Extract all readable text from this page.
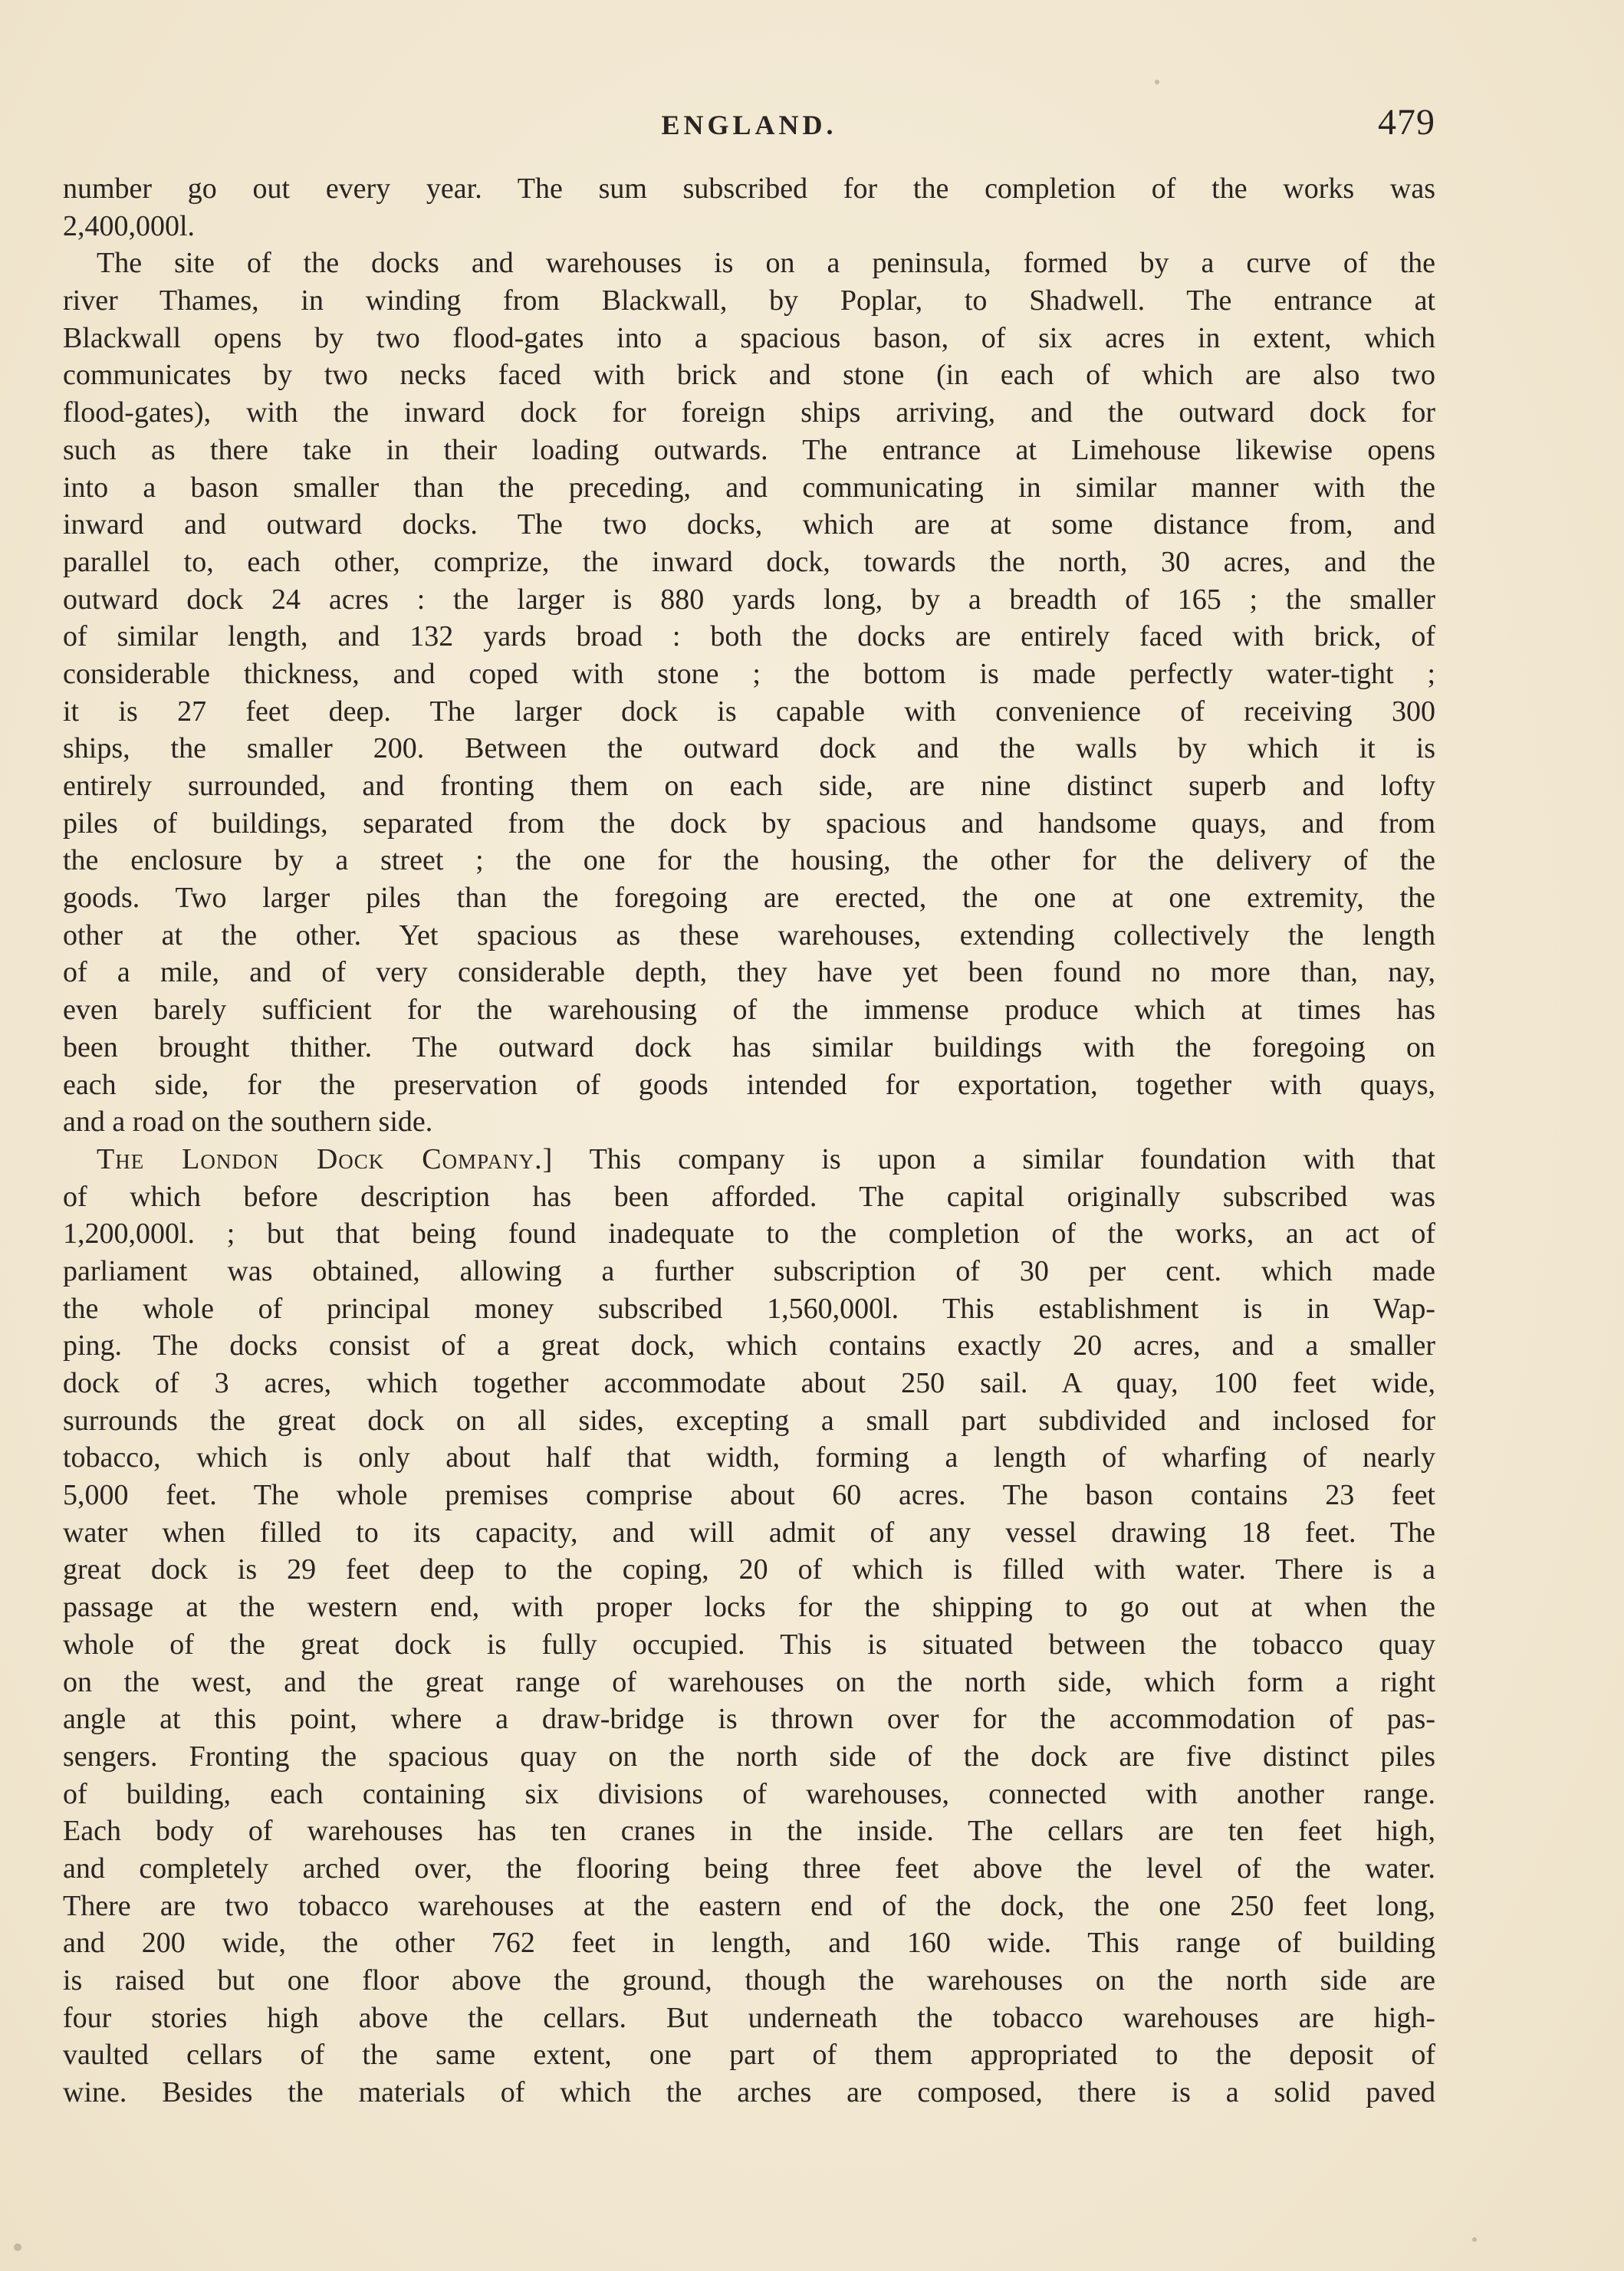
ENGLAND.	479
number go out every year. The sum subscribed for the completion of the works was
2,400,000l.
The site of the docks and warehouses is on a peninsula, formed by a curve of the
river Thames, in winding from Blackwall, by Poplar, to Shadwell. The entrance at
Blackwall opens by two flood-gates into a spacious bason, of six acres in extent, which
communicates by two necks faced with brick and stone (in each of which are also two
flood-gates), with the inward dock for foreign ships arriving, and the outward dock for
such as there take in their loading outwards. The entrance at Limehouse likewise opens
into a bason smaller than the preceding, and communicating in similar manner with the
inward and outward docks. The two docks, which are at some distance from, and
parallel to, each other, comprize, the inward dock, towards the north, 30 acres, and the
outward dock 24 acres : the larger is 880 yards long, by a breadth of 165 ; the smaller
of similar length, and 132 yards broad : both the docks are entirely faced with brick, of
considerable thickness, and coped with stone ; the bottom is made perfectly water-tight ;
it is 27 feet deep. The larger dock is capable with convenience of receiving 300
ships, the smaller 200. Between the outward dock and the walls by which it is
entirely surrounded, and fronting them on each side, are nine distinct superb and lofty
piles of buildings, separated from the dock by spacious and handsome quays, and from
the enclosure by a street ; the one for the housing, the other for the delivery of the
goods. Two larger piles than the foregoing are erected, the one at one extremity, the
other at the other. Yet spacious as these warehouses, extending collectively the length
of a mile, and of very considerable depth, they have yet been found no more than, nay,
even barely sufficient for the warehousing of the immense produce which at times has
been brought thither. The outward dock has similar buildings with the foregoing on
each side, for the preservation of goods intended for exportation, together with quays,
and a road on the southern side.
The London Dock Company.] This company is upon a similar foundation with that
of which before description has been afforded. The capital originally subscribed was
1,200,000l. ; but that being found inadequate to the completion of the works, an act of
parliament was obtained, allowing a further subscription of 30 per cent. which made
the whole of principal money subscribed 1,560,000l. This establishment is in Wap-
ping. The docks consist of a great dock, which contains exactly 20 acres, and a smaller
dock of 3 acres, which together accommodate about 250 sail. A quay, 100 feet wide,
surrounds the great dock on all sides, excepting a small part subdivided and inclosed for
tobacco, which is only about half that width, forming a length of wharfing of nearly
5,000 feet. The whole premises comprise about 60 acres. The bason contains 23 feet
water when filled to its capacity, and will admit of any vessel drawing 18 feet. The
great dock is 29 feet deep to the coping, 20 of which is filled with water. There is a
passage at the western end, with proper locks for the shipping to go out at when the
whole of the great dock is fully occupied. This is situated between the tobacco quay
on the west, and the great range of warehouses on the north side, which form a right
angle at this point, where a draw-bridge is thrown over for the accommodation of pas-
sengers. Fronting the spacious quay on the north side of the dock are five distinct piles
of building, each containing six divisions of warehouses, connected with another range.
Each body of warehouses has ten cranes in the inside. The cellars are ten feet high,
and completely arched over, the flooring being three feet above the level of the water.
There are two tobacco warehouses at the eastern end of the dock, the one 250 feet long,
and 200 wide, the other 762 feet in length, and 160 wide. This range of building
is raised but one floor above the ground, though the warehouses on the north side are
four stories high above the cellars. But underneath the tobacco warehouses are high-
vaulted cellars of the same extent, one part of them appropriated to the deposit of
wine. Besides the materials of which the arches are composed, there is a solid paved
